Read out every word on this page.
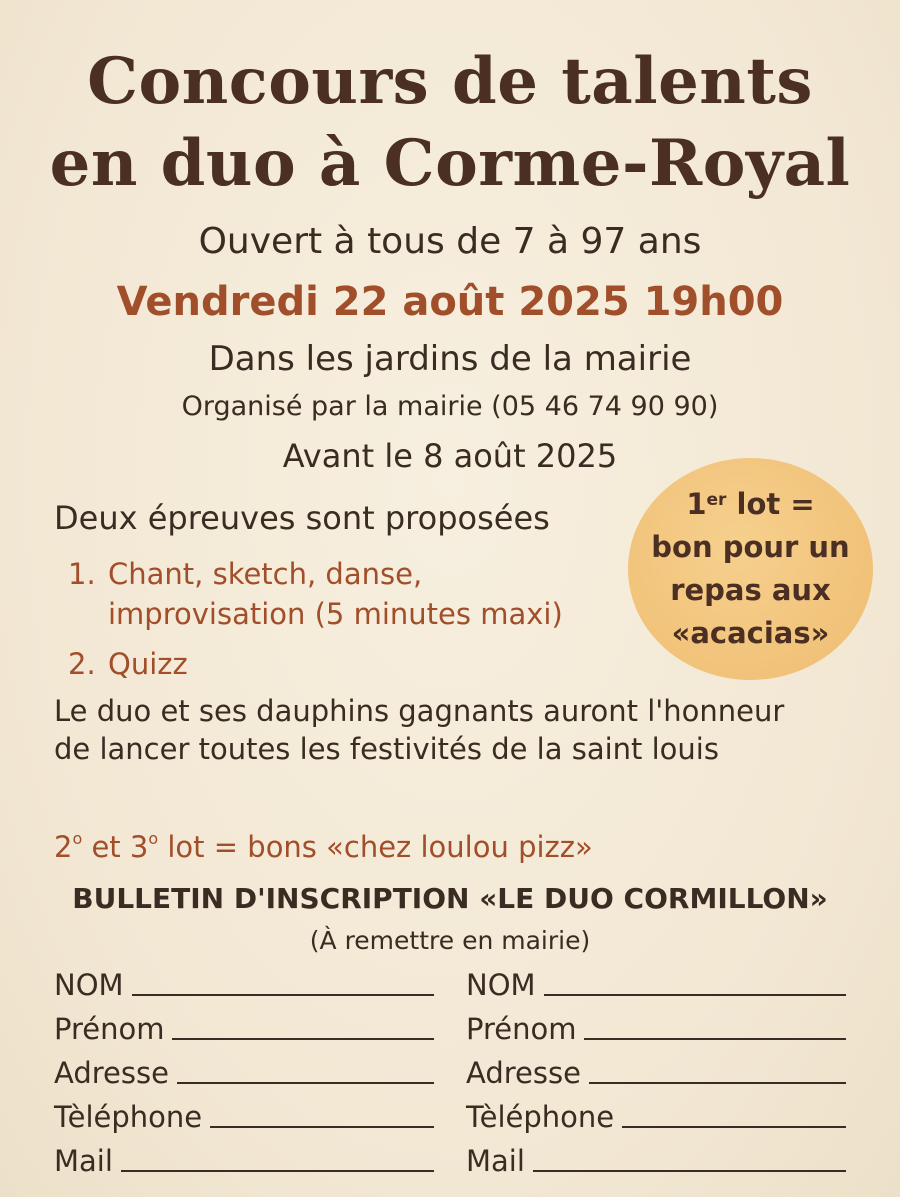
Concours de talents
en duo à Corme-Royal
Ouvert à tous de 7 à 97 ans
Vendredi 22 août 2025 19h00
Dans les jardins de la mairie
Organisé par la mairie (05 46 74 90 90)
Avant le 8 août 2025
1er lot =
bon pour un
repas aux
«acacias»
Deux épreuves sont proposées
1. Chant, sketch, danse,
improvisation (5 minutes maxi)
2. Quizz
Le duo et ses dauphins gagnants auront l'honneur
de lancer toutes les festivités de la saint louis
2$^o$ et 3$^o$ lot = bons «chez loulou pizz»
BULLETIN D'INSCRIPTION «LE DUO CORMILLON»
(À remettre en mairie)
NOM
Prénom
Adresse
Tèléphone
Mail
NOM
Prénom
Adresse
Tèléphone
Mail
